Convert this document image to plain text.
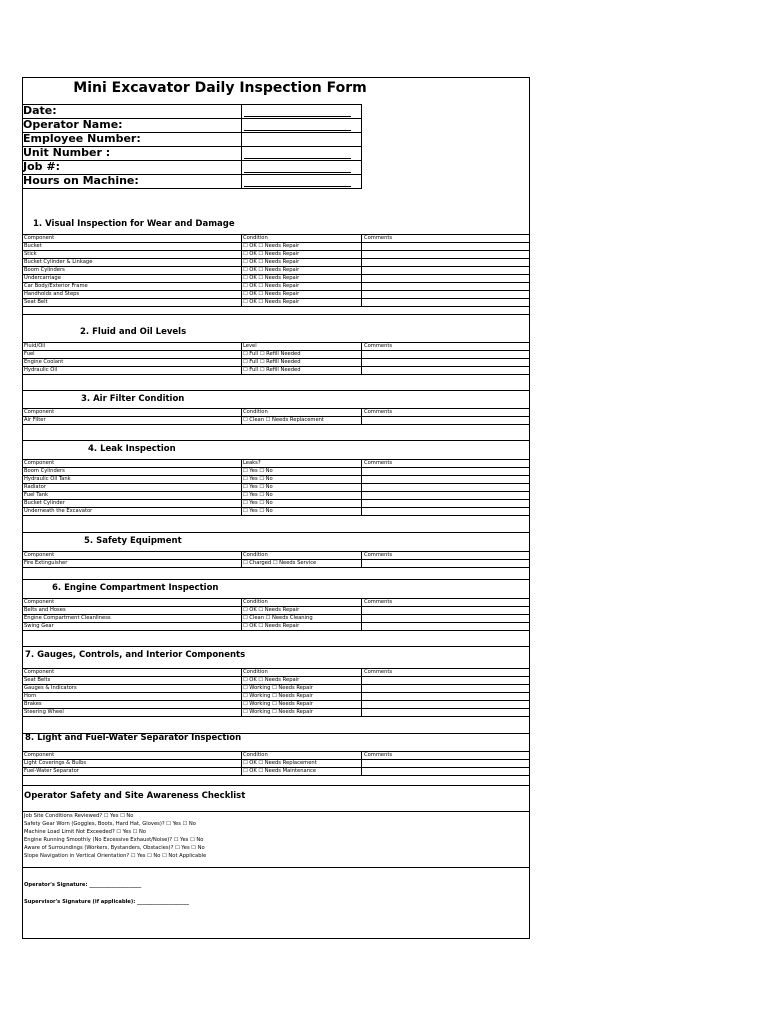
Mini Excavator Daily Inspection Form
Date:
Operator Name:
Employee Number:
Unit Number :
Job #:
Hours on Machine:
1. Visual Inspection for Wear and Damage
Component	Condition	Comments
Bucket	☐ OK ☐ Needs Repair
Stick	☐ OK ☐ Needs Repair
Bucket Cylinder & Linkage	☐ OK ☐ Needs Repair
Boom Cylinders	☐ OK ☐ Needs Repair
Undercarriage	☐ OK ☐ Needs Repair
Car Body/Exterior Frame	☐ OK ☐ Needs Repair
Handholds and Steps	☐ OK ☐ Needs Repair
Seat Belt	☐ OK ☐ Needs Repair
2. Fluid and Oil Levels
Fluid/Oil	Level	Comments
Fuel	☐ Full ☐ Refill Needed
Engine Coolant	☐ Full ☐ Refill Needed
Hydraulic Oil	☐ Full ☐ Refill Needed
3. Air Filter Condition
Component	Condition	Comments
Air Filter	☐ Clean ☐ Needs Replacement
4. Leak Inspection
Component	Leaks?	Comments
Boom Cylinders	☐ Yes ☐ No
Hydraulic Oil Tank	☐ Yes ☐ No
Radiator	☐ Yes ☐ No
Fuel Tank	☐ Yes ☐ No
Bucket Cylinder	☐ Yes ☐ No
Underneath the Excavator	☐ Yes ☐ No
5. Safety Equipment
Component	Condition	Comments
Fire Extinguisher	☐ Charged ☐ Needs Service
6. Engine Compartment Inspection
Component	Condition	Comments
Belts and Hoses	☐ OK ☐ Needs Repair
Engine Compartment Cleanliness	☐ Clean ☐ Needs Cleaning
Swing Gear	☐ OK ☐ Needs Repair
7. Gauges, Controls, and Interior Components
Component	Condition	Comments
Seat Belts	☐ OK ☐ Needs Repair
Gauges & Indicators	☐ Working ☐ Needs Repair
Horn	☐ Working ☐ Needs Repair
Brakes	☐ Working ☐ Needs Repair
Steering Wheel	☐ Working ☐ Needs Repair
8. Light and Fuel-Water Separator Inspection
Component	Condition	Comments
Light Coverings & Bulbs	☐ OK ☐ Needs Replacement
Fuel-Water Separator	☐ OK ☐ Needs Maintenance
Operator Safety and Site Awareness Checklist
Job Site Conditions Reviewed? ☐ Yes ☐ No
Safety Gear Worn (Goggles, Boots, Hard Hat, Gloves)? ☐ Yes ☐ No
Machine Load Limit Not Exceeded? ☐ Yes ☐ No
Engine Running Smoothly (No Excessive Exhaust/Noise)? ☐ Yes ☐ No
Aware of Surroundings (Workers, Bystanders, Obstacles)? ☐ Yes ☐ No
Slope Navigation in Vertical Orientation? ☐ Yes ☐ No ☐ Not Applicable
Operator's Signature: ____________________
Supervisor's Signature (if applicable): ____________________
